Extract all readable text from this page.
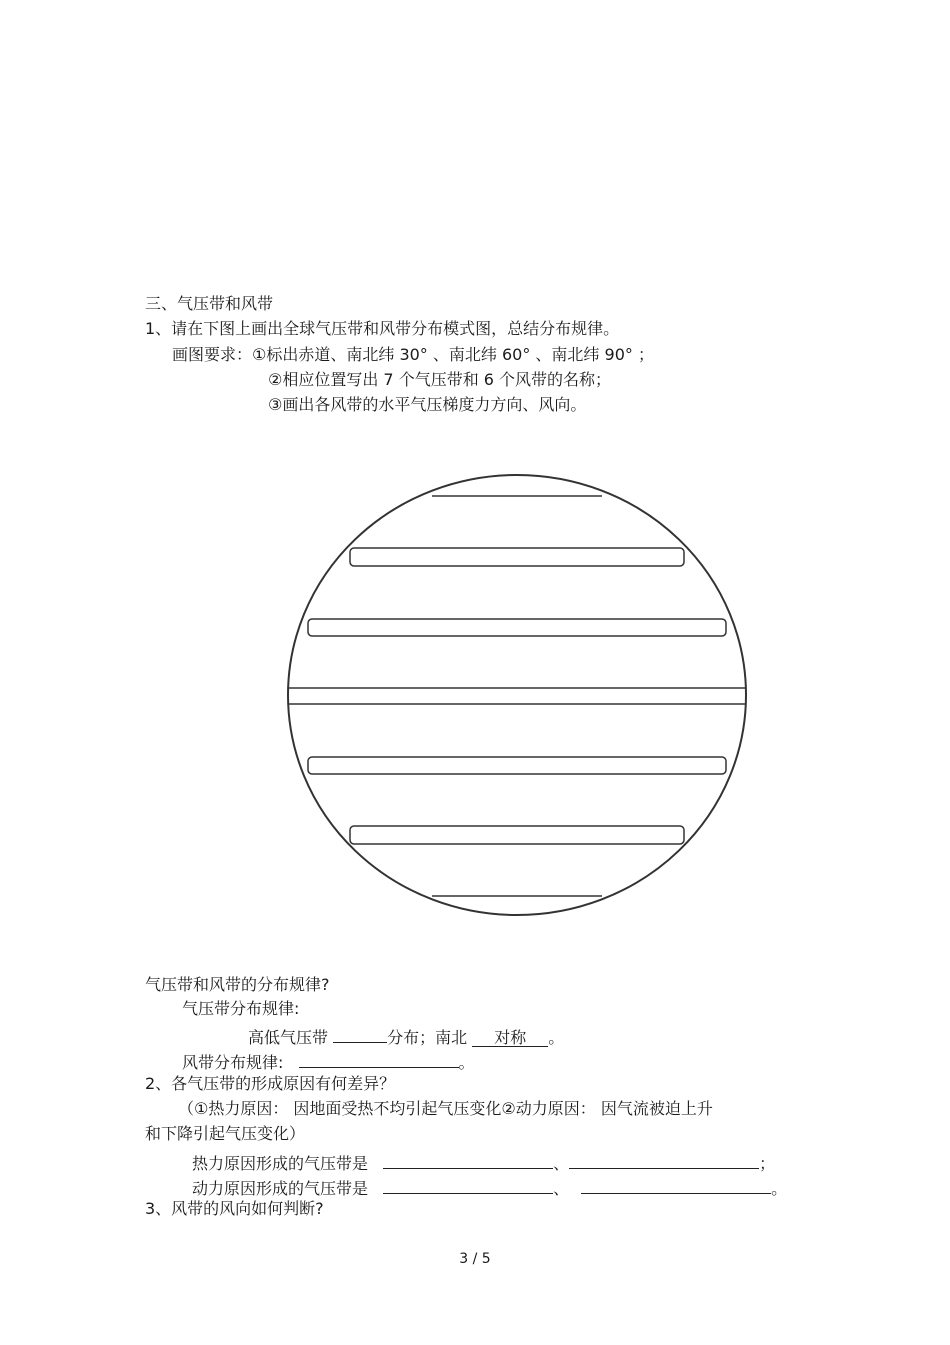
三、气压带和风带
1、请在下图上画出全球气压带和风带分布模式图，总结分布规律。
画图要求：①标出赤道、南北纬 30° 、南北纬 60° 、南北纬 90° ；
②相应位置写出 7 个气压带和 6 个风带的名称；
③画出各风带的水平气压梯度力方向、风向。
气压带和风带的分布规律?
气压带分布规律:
高低气压带	分布；南北 对称 。
风带分布规律:	。
2、各气压带的形成原因有何差异？
（①热力原因： 因地面受热不均引起气压变化②动力原因： 因气流被迫上升
和下降引起气压变化）
热力原因形成的气压带是	、	；
动力原因形成的气压带是	、	。
3、风带的风向如何判断?
3 / 5
